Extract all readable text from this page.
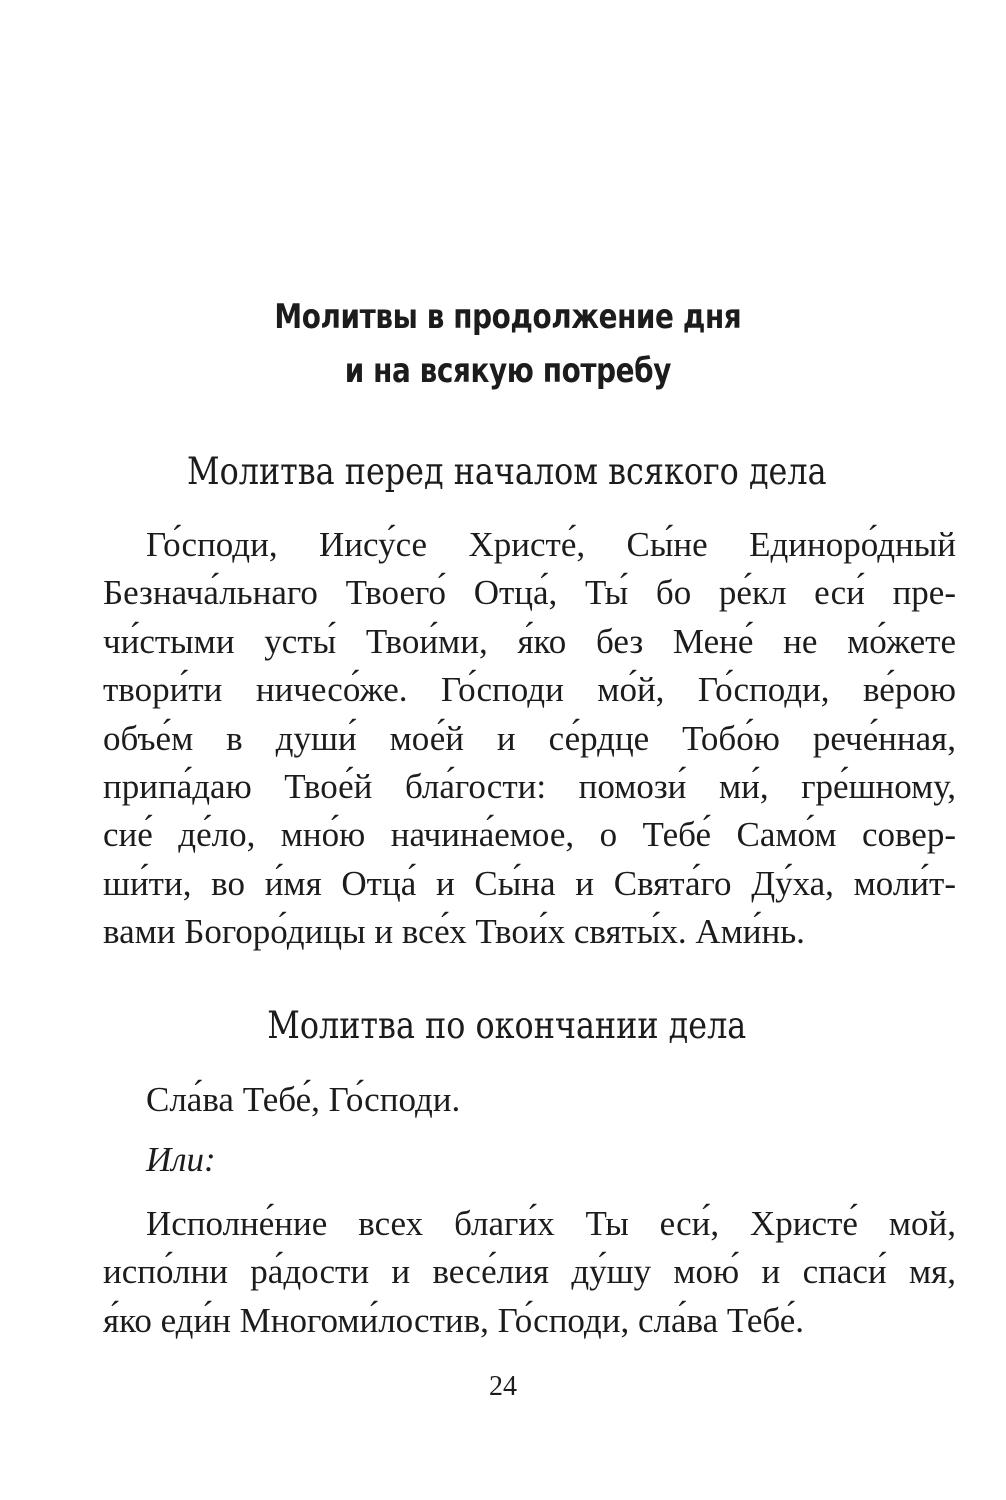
Молитвы в продолжение дня
и на всякую потребу
Молитва перед началом всякого дела
Го́споди, Иису́се Христе́, Сы́не Единоро́дный
Безнача́льнаго Твоего́ Отца́, Ты́ бо ре́кл еси́ пре-
чи́стыми усты́ Твои́ми, я́ко без Мене́ не мо́жете
твори́ти ничесо́же. Го́споди мо́й, Го́споди, ве́рою
объе́м в души́ мое́й и се́рдце Тобо́ю рече́нная,
припа́даю Твое́й бла́гости: помози́ ми́, гре́шному,
сие́ де́ло, мно́ю начина́емое, о Тебе́ Само́м совер-
ши́ти, во и́мя Отца́ и Сы́на и Свята́го Ду́ха, моли́т-
вами Богоро́дицы и все́х Твои́х святы́х. Ами́нь.
Молитва по окончании дела
Сла́ва Тебе́, Го́споди.
Или:
Исполне́ние всех благи́х Ты еси́, Христе́ мой,
испо́лни ра́дости и весе́лия ду́шу мою́ и спаси́ мя,
я́ко еди́н Многоми́лостив, Го́споди, сла́ва Тебе́.
24
